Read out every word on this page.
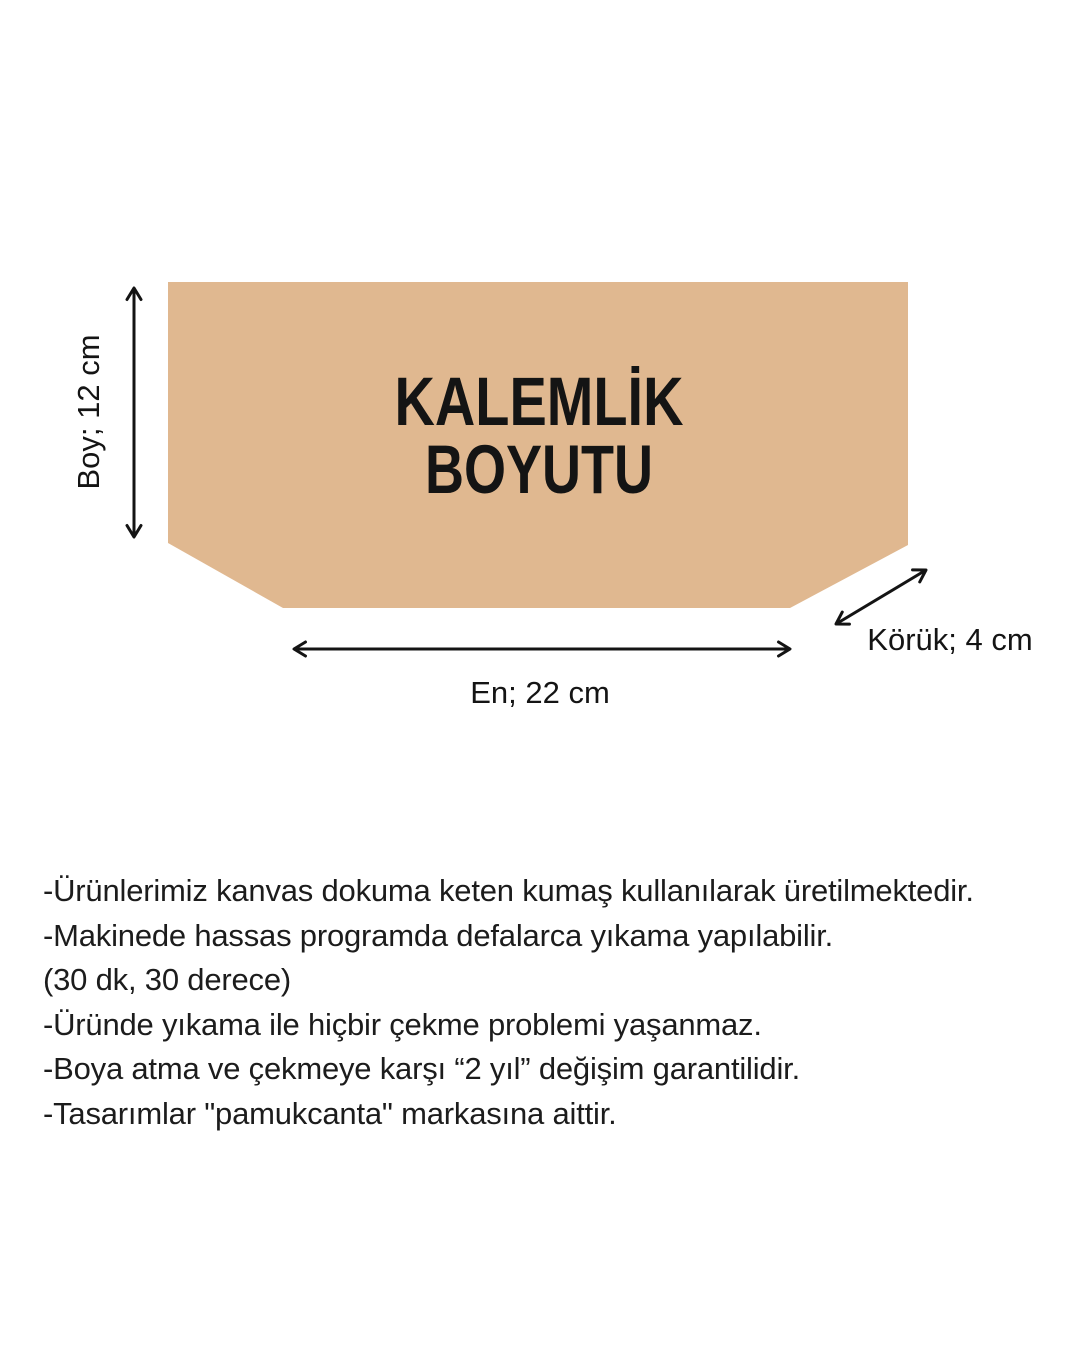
KALEMLİK
BOYUTU
Boy; 12 cm
En; 22 cm
Körük; 4 cm

-Ürünlerimiz kanvas dokuma keten kumaş kullanılarak üretilmektedir.

-Makinede hassas programda defalarca yıkama yapılabilir.

(30 dk, 30 derece)

-Üründe yıkama ile hiçbir çekme problemi yaşanmaz.

-Boya atma ve çekmeye karşı “2 yıl” değişim garantilidir.

-Tasarımlar "pamukcanta" markasına aittir.
